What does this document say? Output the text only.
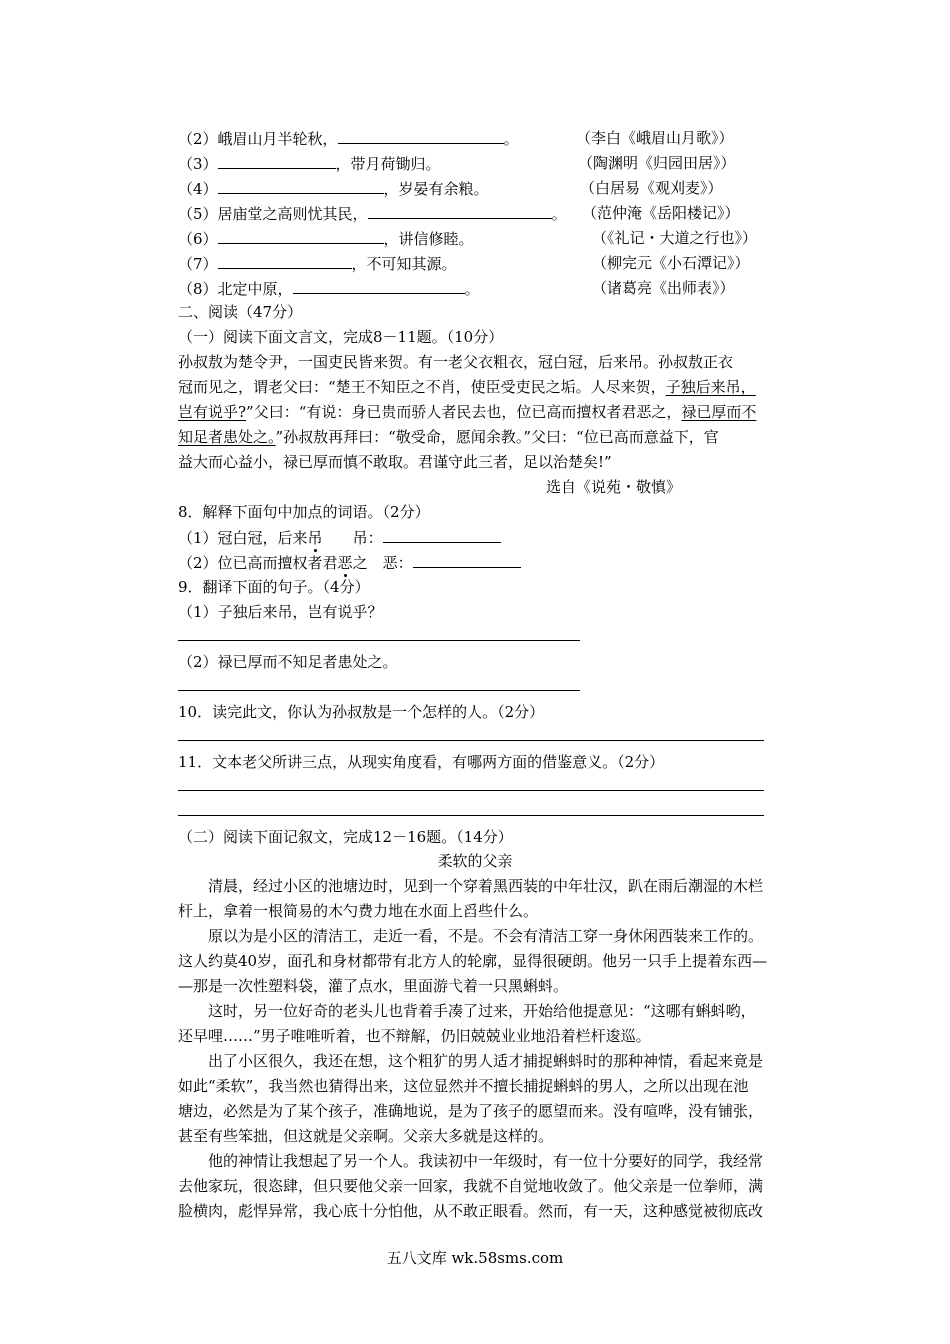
（2）峨眉山月半轮秋，	。	（李白《峨眉山月歌》）
（3）	，带月荷锄归。	（陶渊明《归园田居》）
（4）	，岁晏有余粮。	（白居易《观刈麦》）
（5）居庙堂之高则忧其民，	。 （范仲淹《岳阳楼记》）
（6）	，讲信修睦。	（《礼记・大道之行也》）
（7）	，不可知其源。	（柳完元《小石潭记》）
（8）北定中原，	。	（诸葛亮《出师表》）
二、阅读（47分）
（一）阅读下面文言文，完成8－11题。（10分）
孙叔敖为楚令尹，一国吏民皆来贺。有一老父衣粗衣，冠白冠，后来吊。孙叔敖正衣
冠而见之，谓老父曰：“楚王不知臣之不肖，使臣受吏民之垢。人尽来贺，子独后来吊，
岂有说乎?”父曰：“有说：身已贵而骄人者民去也，位已高而擅权者君恶之，禄已厚而不
知足者患处之。”孙叔敖再拜曰：“敬受命，愿闻余教。”父曰：“位已高而意益下，官
益大而心益小，禄已厚而慎不敢取。君谨守此三者，足以治楚矣!”
选自《说苑・敬慎》
8．解释下面句中加点的词语。（2分）
（1）冠白冠，后来吊　　吊：
（2）位已高而擅权者君恶之　恶：
9．翻译下面的句子。（4分）
（1）子独后来吊，岂有说乎？
（2）禄已厚而不知足者患处之。
10．读完此文，你认为孙叔敖是一个怎样的人。（2分）
11．文本老父所讲三点，从现实角度看，有哪两方面的借鉴意义。（2分）
（二）阅读下面记叙文，完成12－16题。（14分）
柔软的父亲
　　清晨，经过小区的池塘边时，见到一个穿着黑西装的中年壮汉，趴在雨后潮湿的木栏
杆上，拿着一根简易的木勺费力地在水面上舀些什么。
　　原以为是小区的清洁工，走近一看，不是。不会有清洁工穿一身休闲西装来工作的。
这人约莫40岁，面孔和身材都带有北方人的轮廓，显得很硬朗。他另一只手上提着东西—
—那是一次性塑料袋，灌了点水，里面游弋着一只黑蝌蚪。
　　这时，另一位好奇的老头儿也背着手凑了过来，开始给他提意见：“这哪有蝌蚪哟，
还早哩……”男子唯唯听着，也不辩解，仍旧兢兢业业地沿着栏杆逡巡。
　　出了小区很久，我还在想，这个粗犷的男人适才捕捉蝌蚪时的那种神情，看起来竟是
如此“柔软”，我当然也猜得出来，这位显然并不擅长捕捉蝌蚪的男人，之所以出现在池
塘边，必然是为了某个孩子，准确地说，是为了孩子的愿望而来。没有喧哗，没有铺张，
甚至有些笨拙，但这就是父亲啊。父亲大多就是这样的。
　　他的神情让我想起了另一个人。我读初中一年级时，有一位十分要好的同学，我经常
去他家玩，很恣肆，但只要他父亲一回家，我就不自觉地收敛了。他父亲是一位拳师，满
脸横肉，彪悍异常，我心底十分怕他，从不敢正眼看。然而，有一天，这种感觉被彻底改
五八文库 wk.58sms.com
